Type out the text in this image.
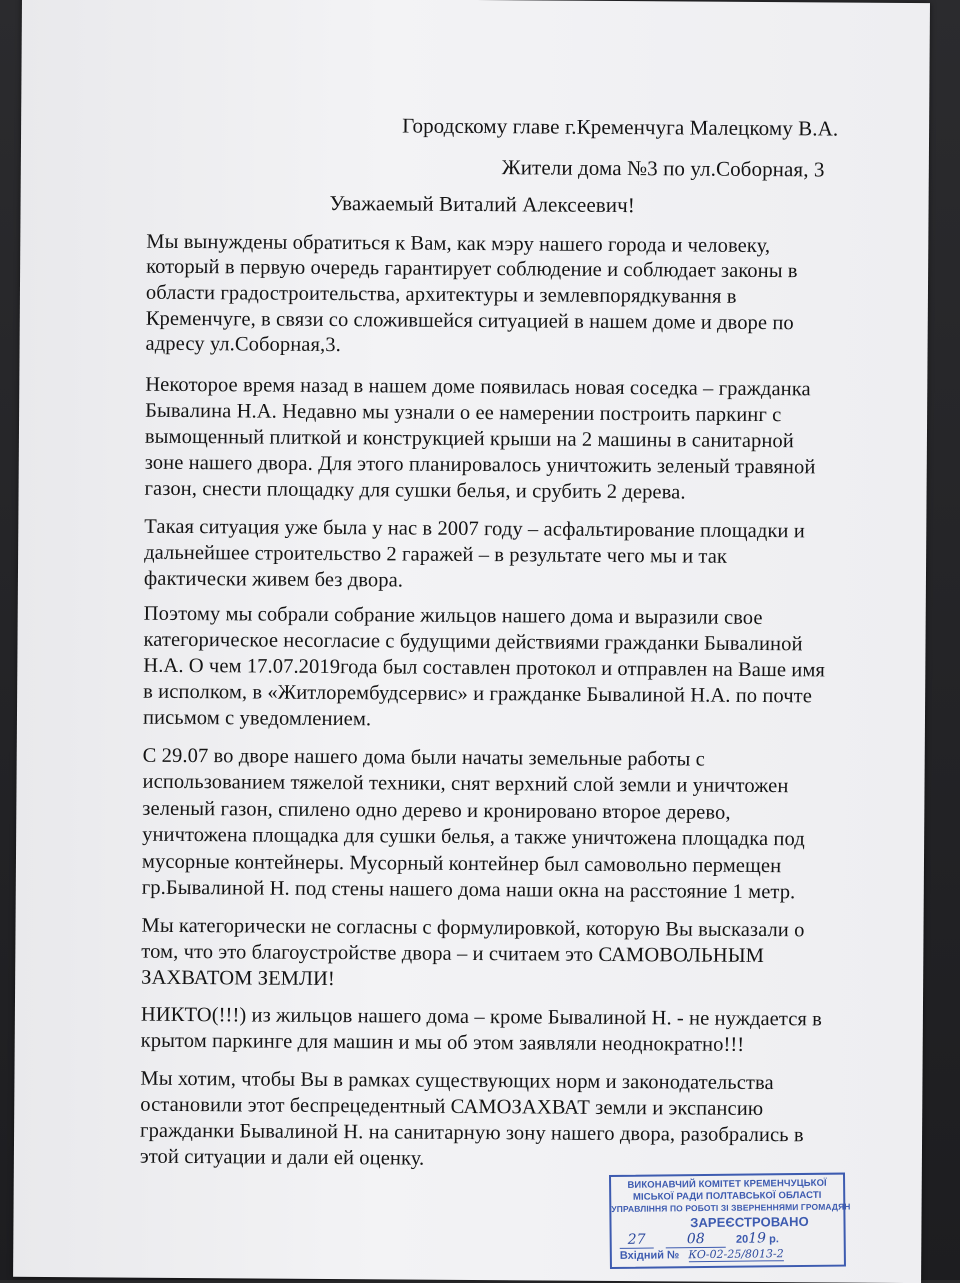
Городскому главе г.Кременчуга Малецкому В.А.
Жители дома №3 по ул.Соборная, 3
Уважаемый Виталий Алексеевич!
Мы вынуждены обратиться к Вам, как мэру нашего города и человеку,
который в первую очередь гарантирует соблюдение и соблюдает законы в
области градостроительства, архитектуры и землевпорядкування в
Кременчуге, в связи со сложившейся ситуацией в нашем доме и дворе по
адресу ул.Соборная,3.
Некоторое время назад в нашем доме появилась новая соседка – гражданка
Бывалина Н.А. Недавно мы узнали о ее намерении построить паркинг с
вымощенный плиткой и конструкцией крыши на 2 машины в санитарной
зоне нашего двора. Для этого планировалось уничтожить зеленый травяной
газон, снести площадку для сушки белья, и срубить 2 дерева.
Такая ситуация уже была у нас в 2007 году – асфальтирование площадки и
дальнейшее строительство 2 гаражей – в результате чего мы и так
фактически живем без двора.
Поэтому мы собрали собрание жильцов нашего дома и выразили свое
категорическое несогласие с будущими действиями гражданки Бывалиной
Н.А. О чем 17.07.2019года был составлен протокол и отправлен на Ваше имя
в исполком, в «Житлорембудсервис» и гражданке Бывалиной Н.А. по почте
письмом с уведомлением.
С 29.07 во дворе нашего дома были начаты земельные работы с
использованием тяжелой техники, снят верхний слой земли и уничтожен
зеленый газон, спилено одно дерево и кронировано второе дерево,
уничтожена площадка для сушки белья, а также уничтожена площадка под
мусорные контейнеры. Мусорный контейнер был самовольно пермещен
гр.Бывалиной Н. под стены нашего дома наши окна на расстояние 1 метр.
Мы категорически не согласны с формулировкой, которую Вы высказали о
том, что это благоустройстве двора – и считаем это САМОВОЛЬНЫМ
ЗАХВАТОМ ЗЕМЛИ!
НИКТО(!!!) из жильцов нашего дома – кроме Бывалиной Н. - не нуждается в
крытом паркинге для машин и мы об этом заявляли неоднократно!!!
Мы хотим, чтобы Вы в рамках существующих норм и законодательства
остановили этот беспрецедентный САМОЗАХВАТ земли и экспансию
гражданки Бывалиной Н. на санитарную зону нашего двора, разобрались в
этой ситуации и дали ей оценку.
ВИКОНАВЧИЙ КОМІТЕТ КРЕМЕНЧУЦЬКОЇ
МІСЬКОЇ РАДИ ПОЛТАВСЬКОЇ ОБЛАСТІ
УПРАВЛІННЯ ПО РОБОТІ ЗІ ЗВЕРНЕННЯМИ ГРОМАДЯН
ЗАРЕЄСТРОВАНО
27	08	2019 р.
Вхідний № КО-02-25/8013-2
